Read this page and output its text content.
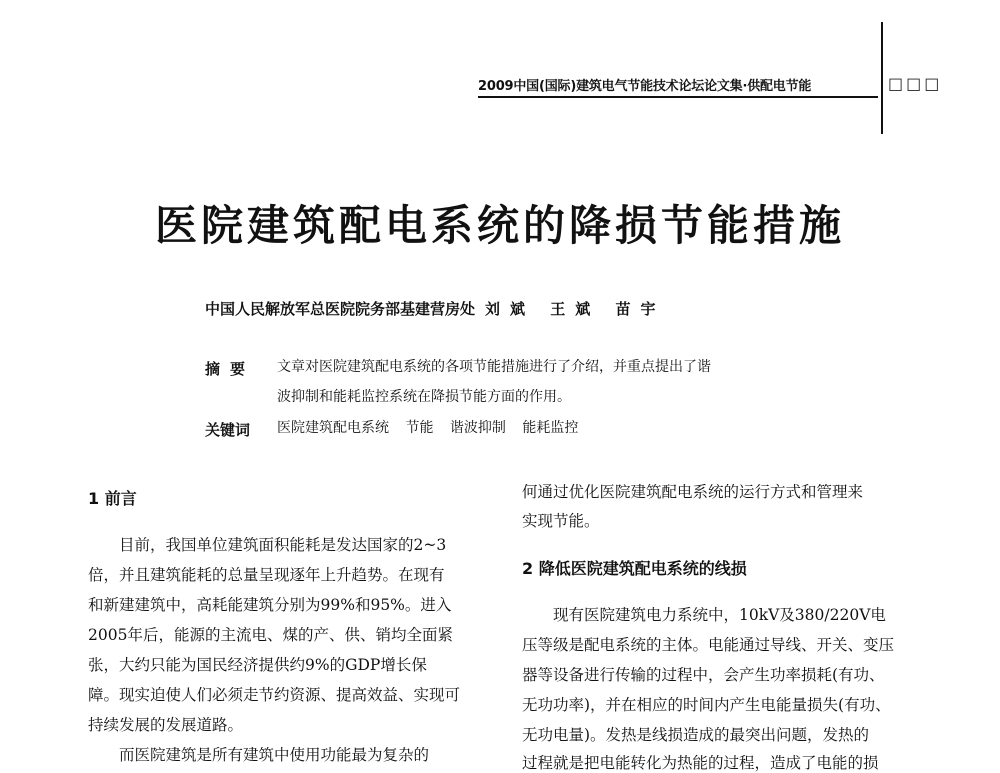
2009中国(国际)建筑电气节能技术论坛论文集·供配电节能	□□□
医院建筑配电系统的降损节能措施
中国人民解放军总医院院务部基建营房处 刘斌 王斌 苗宇
摘要 文章对医院建筑配电系统的各项节能措施进行了介绍，并重点提出了谐
波抑制和能耗监控系统在降损节能方面的作用。
关键词 医院建筑配电系统 节能 谐波抑制 能耗监控
1 前言
　　目前，我国单位建筑面积能耗是发达国家的2~3
倍，并且建筑能耗的总量呈现逐年上升趋势。在现有
和新建建筑中，高耗能建筑分别为99%和95%。进入
2005年后，能源的主流电、煤的产、供、销均全面紧
张，大约只能为国民经济提供约9%的GDP增长保
障。现实迫使人们必须走节约资源、提高效益、实现可
持续发展的发展道路。
　　而医院建筑是所有建筑中使用功能最为复杂的
何通过优化医院建筑配电系统的运行方式和管理来
实现节能。
2 降低医院建筑配电系统的线损
　　现有医院建筑电力系统中，10kV及380/220V电
压等级是配电系统的主体。电能通过导线、开关、变压
器等设备进行传输的过程中，会产生功率损耗(有功、
无功功率)，并在相应的时间内产生电能量损失(有功、
无功电量)。发热是线损造成的最突出问题，发热的
过程就是把电能转化为热能的过程，造成了电能的损
